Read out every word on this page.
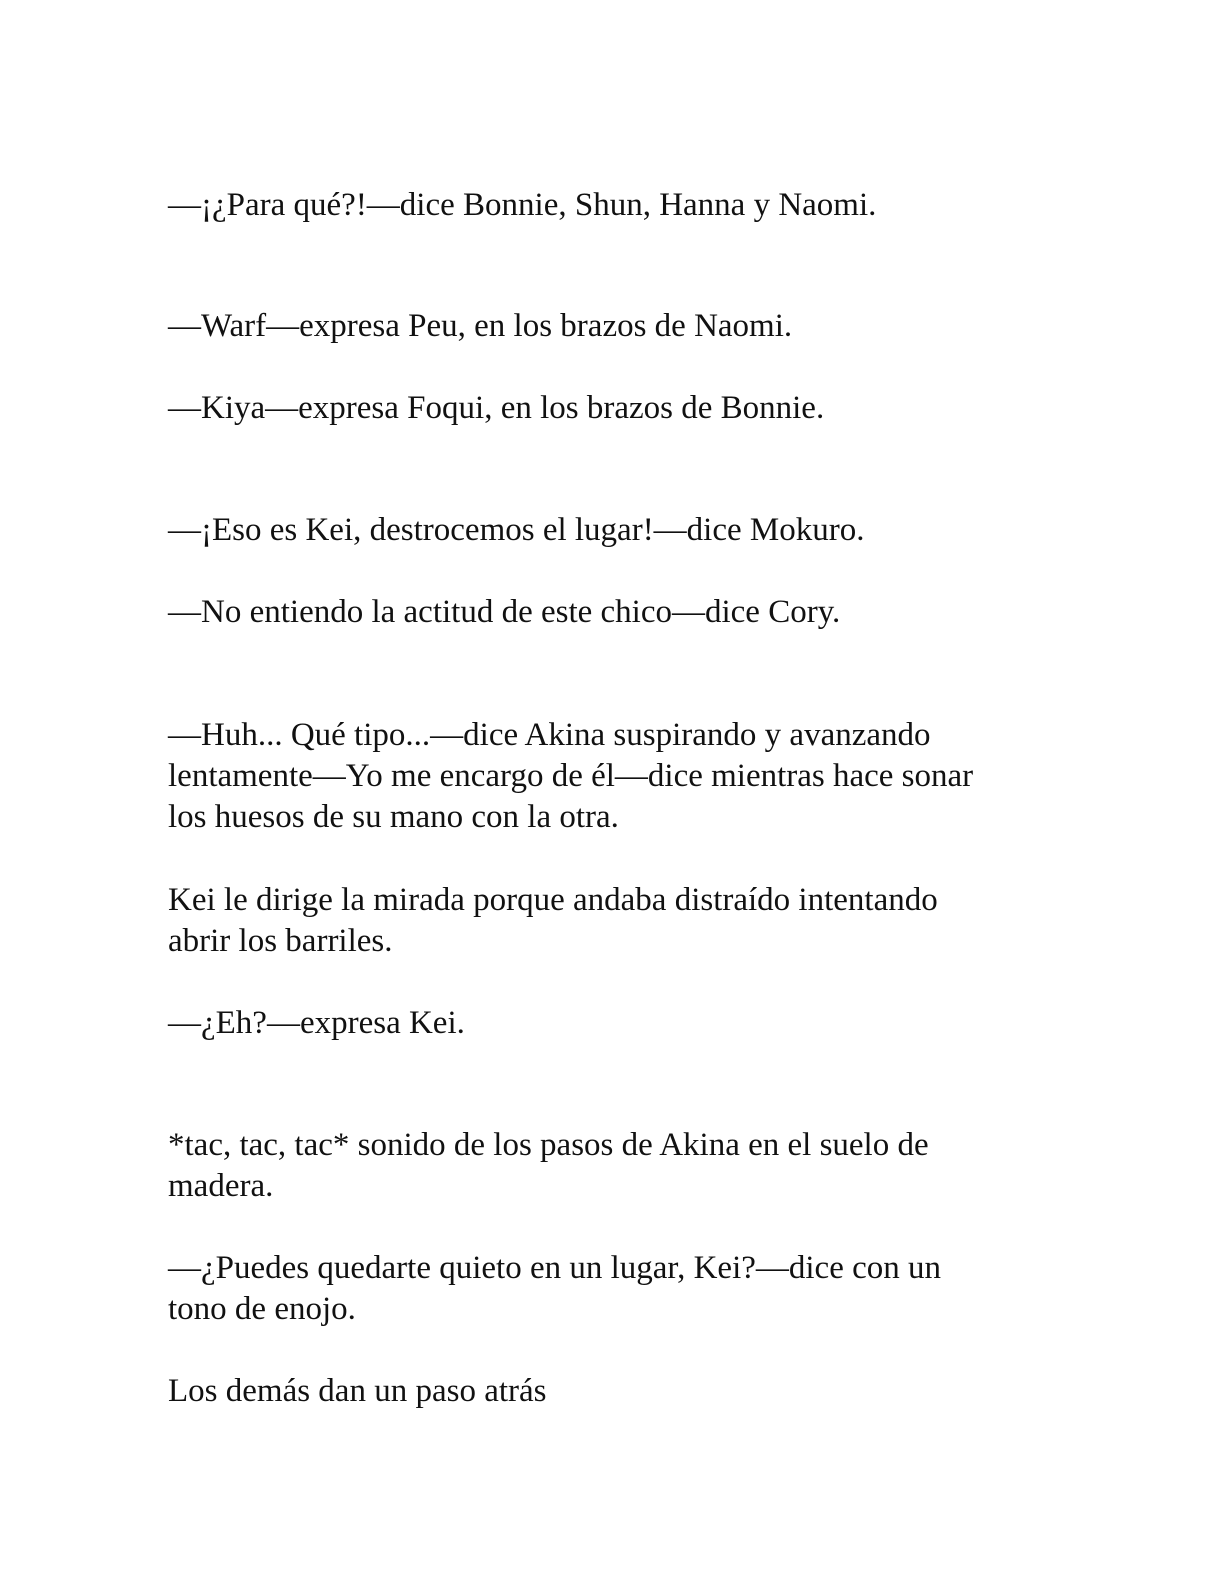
—¡¿Para qué?!—dice Bonnie, Shun, Hanna y Naomi.

—Warf—expresa Peu, en los brazos de Naomi.

—Kiya—expresa Foqui, en los brazos de Bonnie.

—¡Eso es Kei, destrocemos el lugar!—dice Mokuro.

—No entiendo la actitud de este chico—dice Cory.

—Huh... Qué tipo...—dice Akina suspirando y avanzando
lentamente—Yo me encargo de él—dice mientras hace sonar
los huesos de su mano con la otra.

Kei le dirige la mirada porque andaba distraído intentando
abrir los barriles.

—¿Eh?—expresa Kei.

*tac, tac, tac* sonido de los pasos de Akina en el suelo de
madera.

—¿Puedes quedarte quieto en un lugar, Kei?—dice con un
tono de enojo.

Los demás dan un paso atrás
